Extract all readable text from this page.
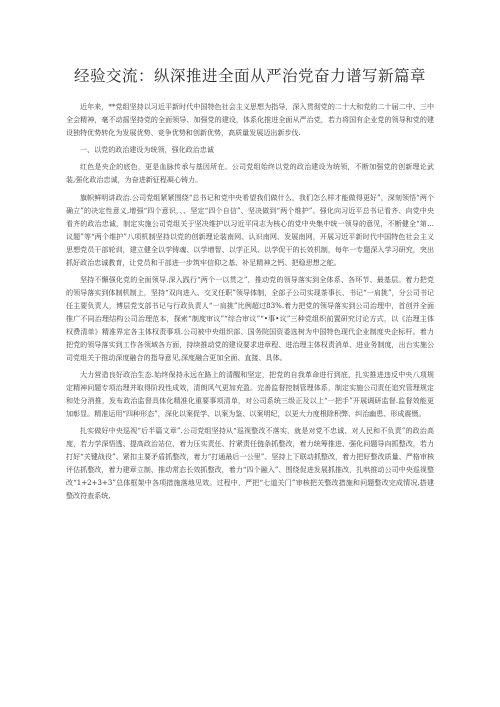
经验交流：纵深推进全面从严治党奋力谱写新篇章

近年来，**党组坚持以习近平新时代中国特色社会主义思想为指导，深入贯彻党的二十大和党的二十届二中、三中全会精神，毫不动摇坚持党的全面领导、加强党的建设，体系化推进全面从严治党，若力将国有企业党的领导和党的建设独特优势转化为发展优势、竞争优势和创新优势，高质量发展迈出新步伐.

一、以党的政治建设为统领，强化政治忠诚

红色是央企的底色，更是血脉传承与基因所在。公司党组始终以党的政治建设为统领，不断加强党的创新理论武装,强化政治忠诚，为奋进新征程凝心铸力。

旗帜鲜明讲政治.公司党组紧紧围绕“总书记和党中央希望我们做什么，我们怎么样才能做得更好”，深刻领悟“两个确立”的决定性意义,增强“四个意识，、、坚定“四个自信”、坚决做到“两个维护”。强化向习近平总书记看齐、向党中央看齐的政治忠诚，制定实施公司党组关于坚决维护以习近平同志为核心的党中央集中统一领导的意见，不断健全“第…议题”等“两个维护”八项机制坚持以党的创新理论装南网、认识南网、发展南网，开展习近平新时代中国特色社会主义思想党员干部轮训，建立健全以学铸魂、以学增智、以学正风、以学促干的长效机制，每年一专题深入学习研究，突出抓好政治忠诚教育，让党员和干部进一步筑牢信仰之基、补足精神之钙、把稳思想之舵。

坚持不懈强化党的全面领导.深入践行“两个一以贯之”，推动党的领导落实到全体系、各环节、最基层。着力把党的领导落实到体制机制上，坚持“双向进入、交叉任职”领导体制，全部子公司实现茶事长、书记“一肩挑”，分公司书记任主要负责人，博层党支部书记与行政负责人“一肩挑”比例超过83%.着力把党的领导落实到公司治理中，首创并全面推广不同治理结构公司治理范本，探索“制度审议”“综合审议”“•事•议”三种党组织前置研究讨论方式，以《治理主体权费清单》精准界定各主体权责事项.公司被中央组织部、国务院国资委选树为中国特色现代企业制度央企标杆。着力把党的领导落实到工作各领域各方面，持续推动党的建设要求进章程、进治理主体权责消单、进业务制度，出台实施公司党组关于推动深度融合的指导意见,深度融合更加全面、直接、具体。

大力营造良好政治生态.始终保持永远在路上的清醒和坚定，把党的自我革命进行到底，扎实推进违反中央八项规定精神问题专项治理并取得阶段性成效，清朗风气更加充盈。完善监督控制管理体系，制定实施公司责任追究管理规定和处分消推，发布政治监督具体化精准化重要事项清单，对公司系统三级正及以上“一把手”开展调研监督.监督效能更加彰显。精准运用“四种形态”，深化以案促学、以案为鉴、以案明纪，以更大力度根除积弊、纠治幽患、形成震慑。

扎实做好中央巡视“后半篇文章”.公司党组坚持从“巡视整改不落实，就是对党不忠诚、对人民和不负责”的政治高度，若力学深悟透、提高政治站位，着力压实责任、拧紧责任链条抓整改，着力统筹推进、强化问题导向抓整改，若力打好“关键战役”、紧扣主要矛盾抓整改，着力“打通最后一公里”、坚持上下联动抓整改，着力把好整改质量、严格审核评估抓整改，着力建章立制、推动常态长效抓整改，着力“四个融入”、围绕促进发展抓推改，扎哄推动公司中央巡视整改“1+2+3+3”总体框架中各项措施落地见效。过程中，严把“七道关门”审核把关整改措施和问题整改完成情况,搭建整改符查系统,
